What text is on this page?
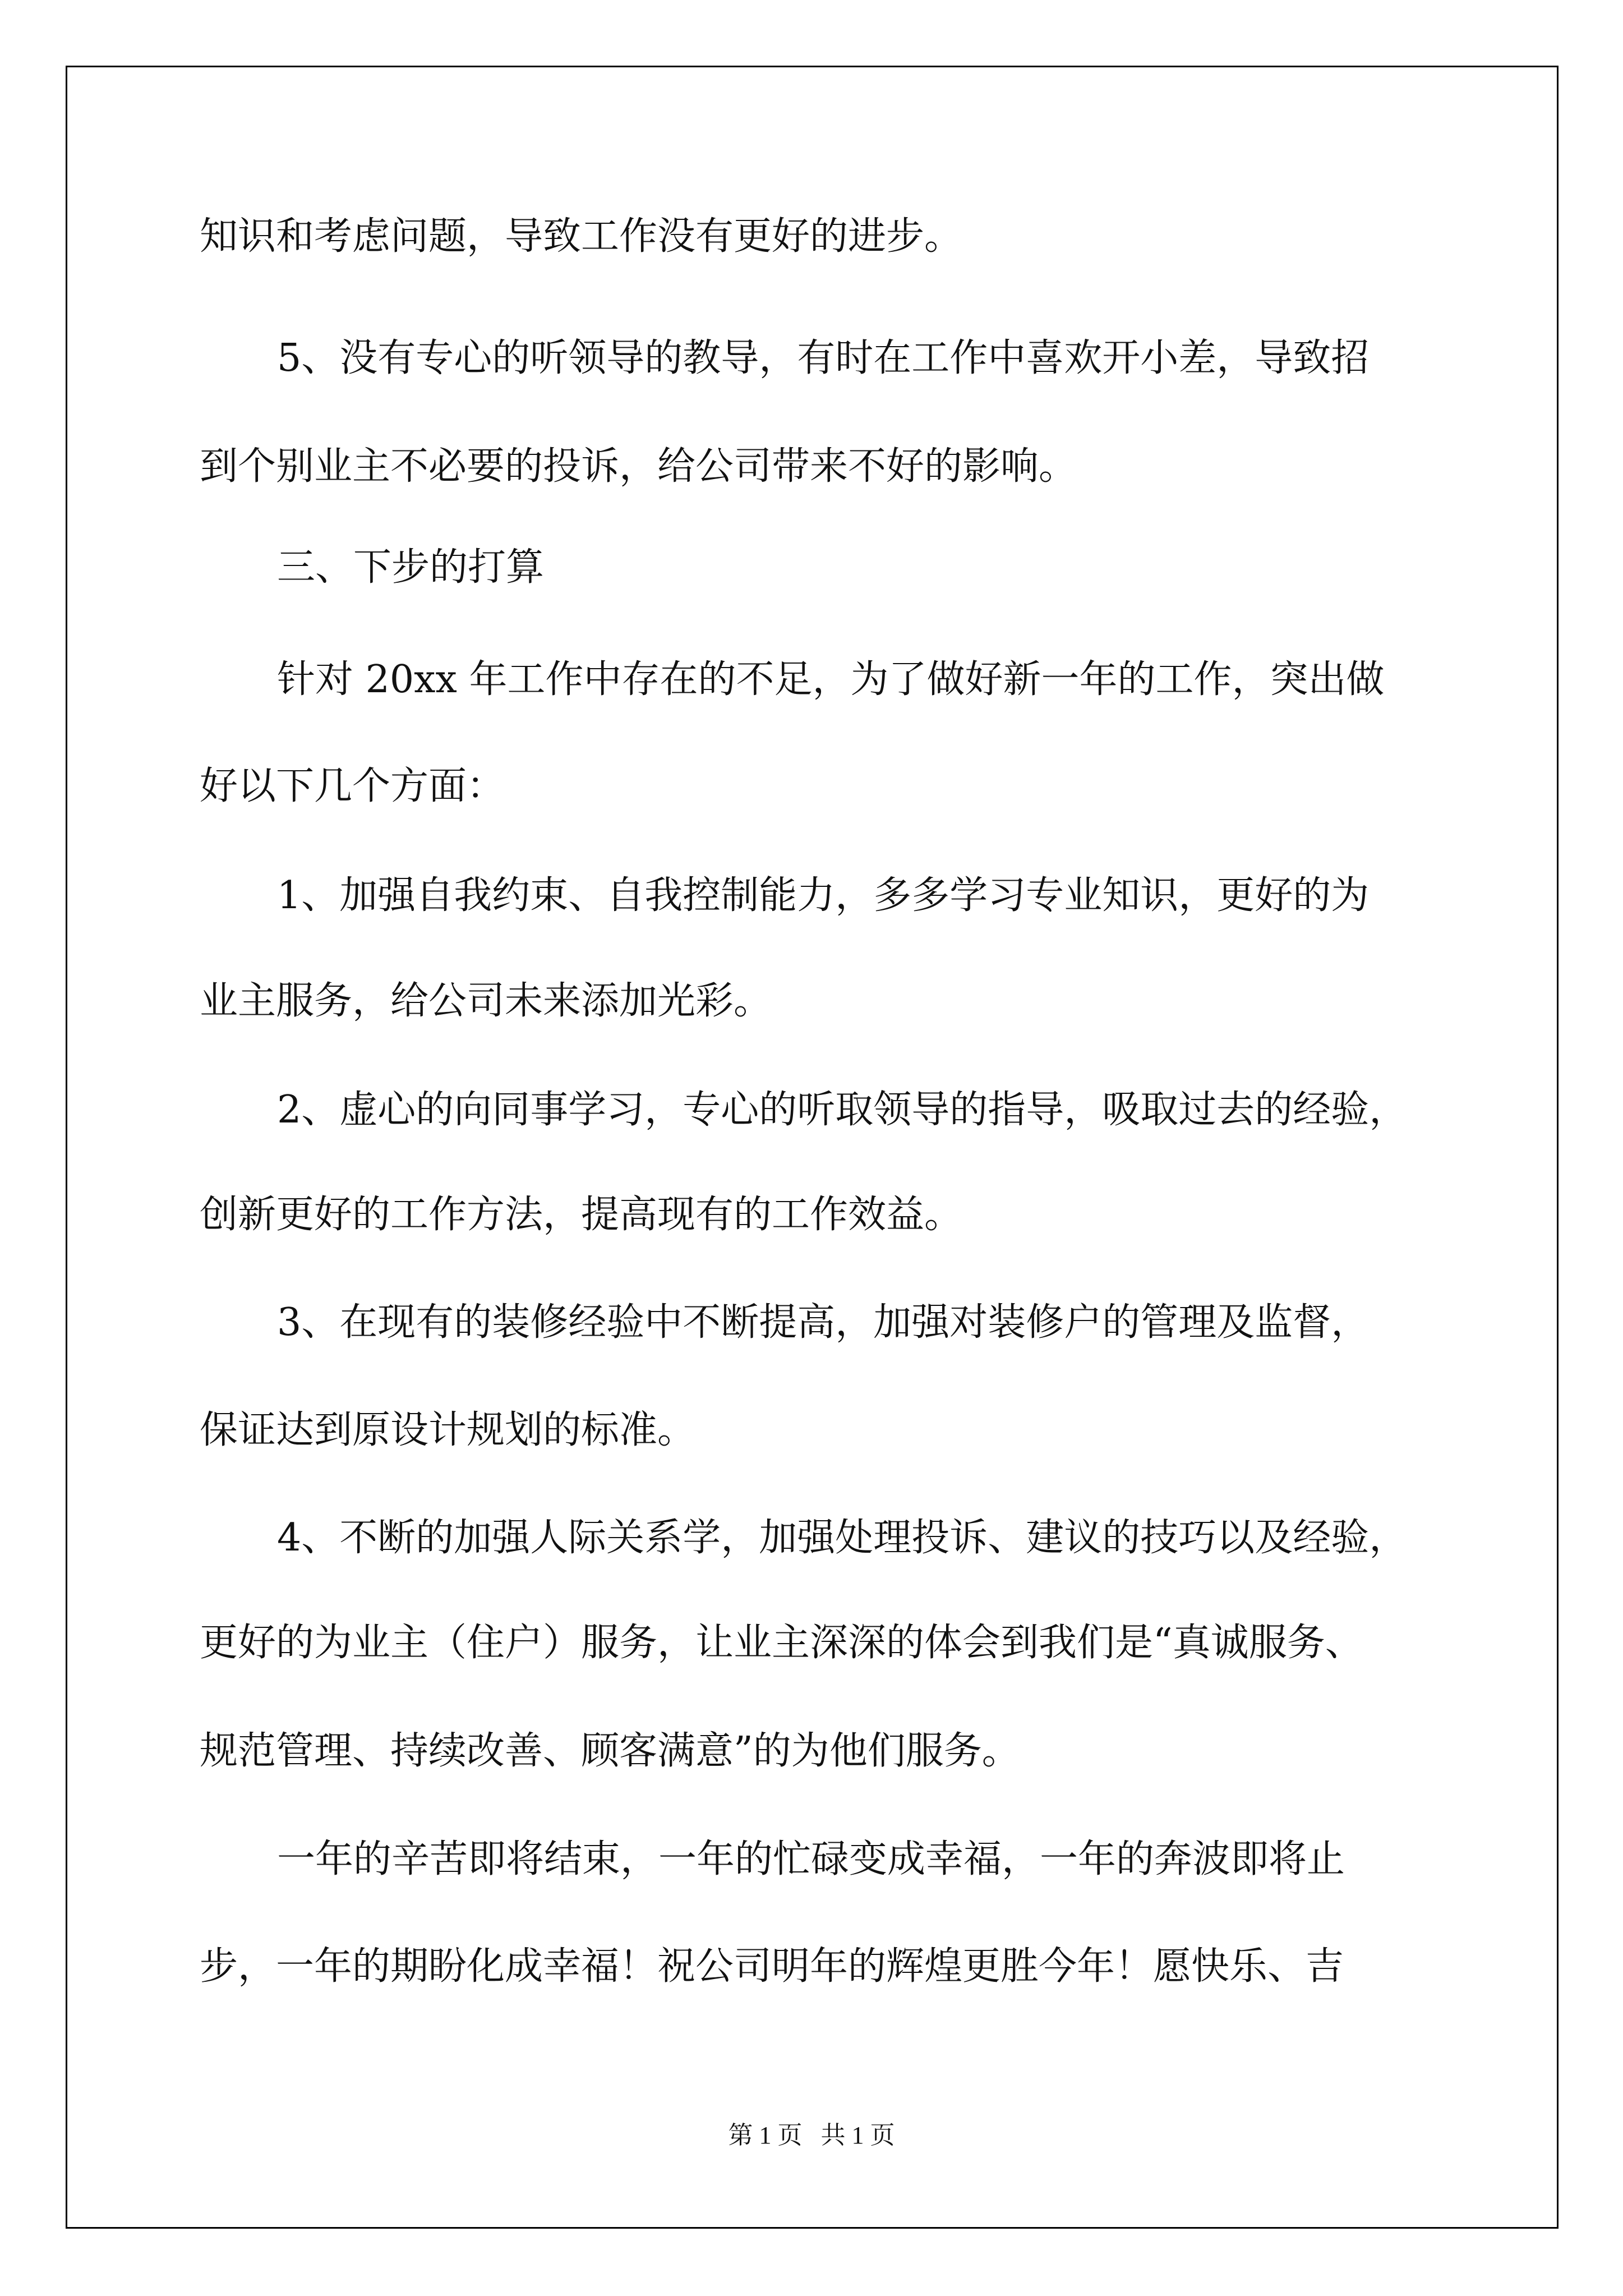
知识和考虑问题，导致工作没有更好的进步。
5、没有专心的听领导的教导，有时在工作中喜欢开小差，导致招
到个别业主不必要的投诉，给公司带来不好的影响。
三、下步的打算
针对 20xx 年工作中存在的不足，为了做好新一年的工作，突出做
好以下几个方面：
1、加强自我约束、自我控制能力，多多学习专业知识，更好的为
业主服务，给公司未来添加光彩。
2、虚心的向同事学习，专心的听取领导的指导，吸取过去的经验，
创新更好的工作方法，提高现有的工作效益。
3、在现有的装修经验中不断提高，加强对装修户的管理及监督，
保证达到原设计规划的标准。
4、不断的加强人际关系学，加强处理投诉、建议的技巧以及经验，
更好的为业主（住户）服务，让业主深深的体会到我们是“真诚服务、
规范管理、持续改善、顾客满意”的为他们服务。
一年的辛苦即将结束，一年的忙碌变成幸福，一年的奔波即将止
步，一年的期盼化成幸福！祝公司明年的辉煌更胜今年！愿快乐、吉
第 1 页   共 1 页
